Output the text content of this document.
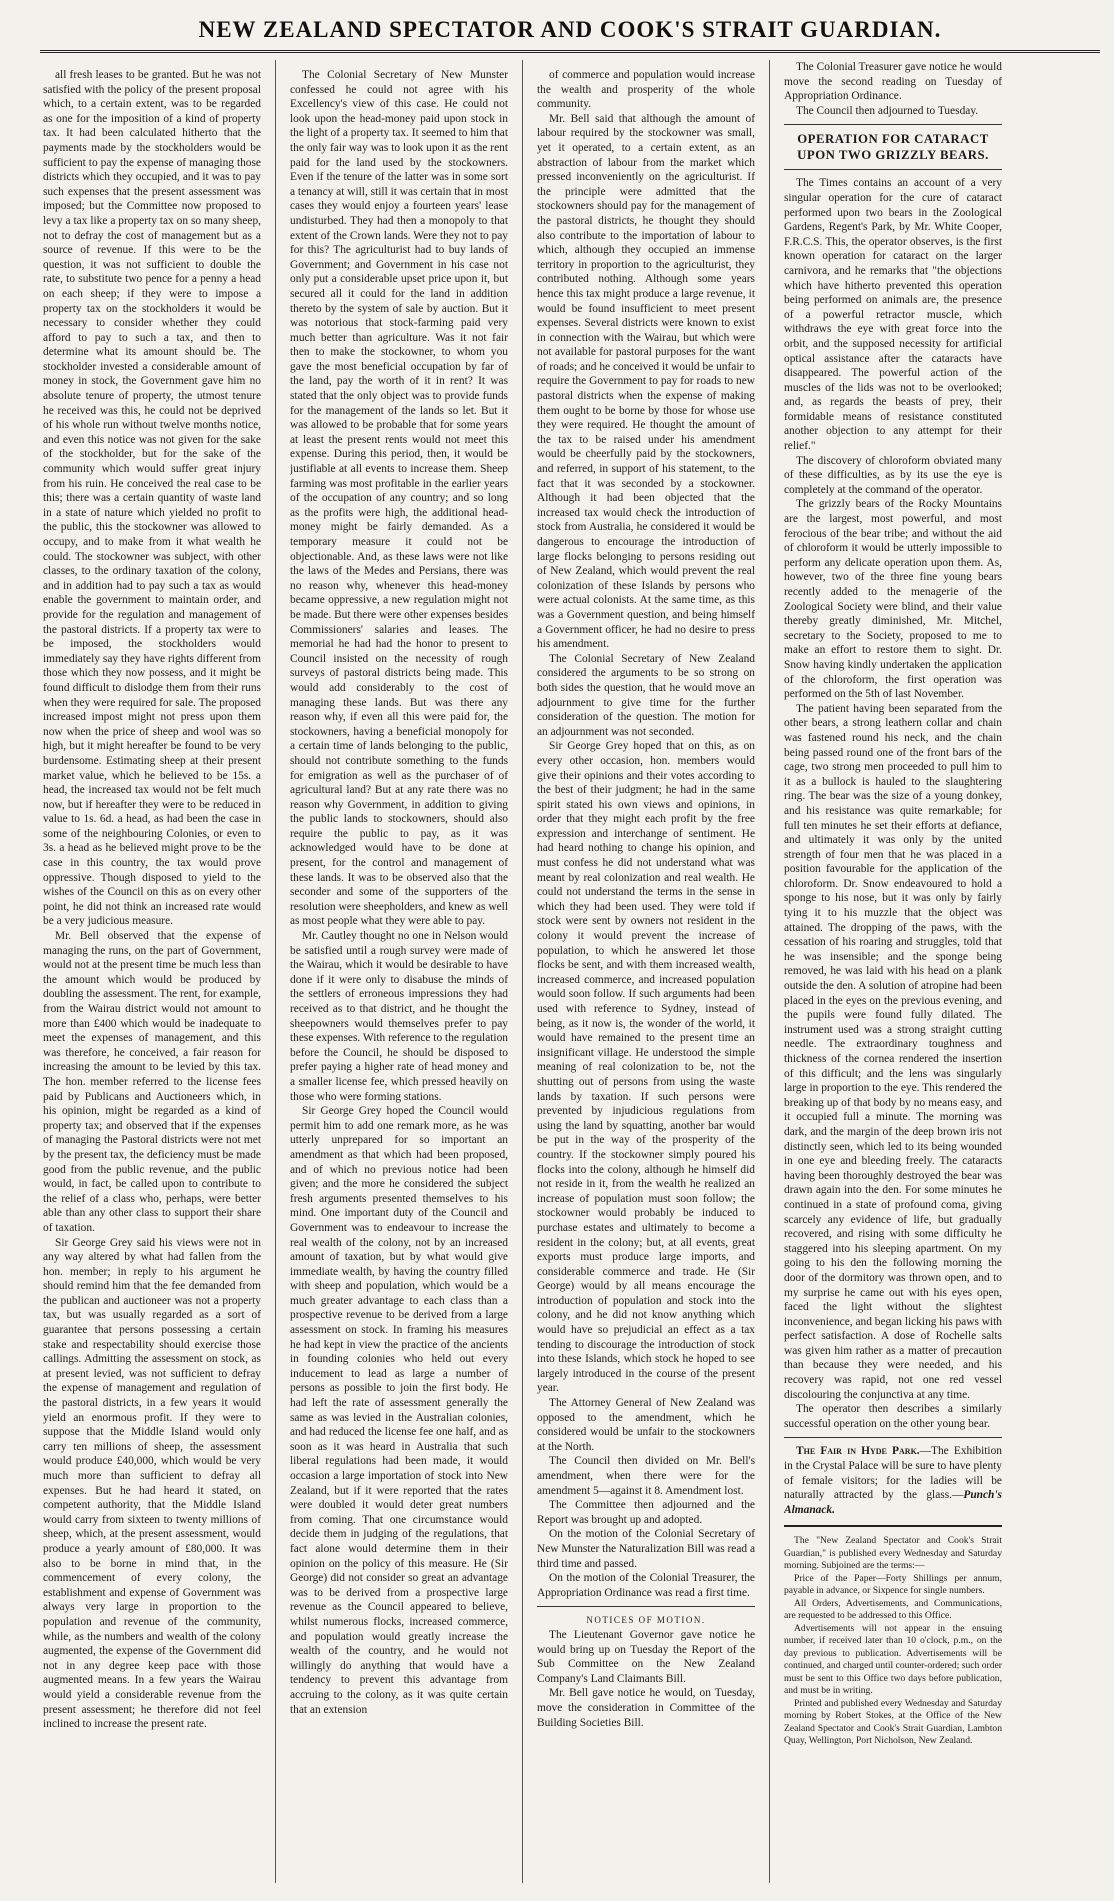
NEW ZEALAND SPECTATOR AND COOK'S STRAIT GUARDIAN.

all fresh leases to be granted. But he was not satisfied with the policy of the present proposal which, to a certain extent, was to be regarded as one for the imposition of a kind of property tax. It had been calculated hitherto that the payments made by the stockholders would be sufficient to pay the expense of managing those districts which they occupied, and it was to pay such expenses that the present assessment was imposed; but the Committee now proposed to levy a tax like a property tax on so many sheep, not to defray the cost of management but as a source of revenue. If this were to be the question, it was not sufficient to double the rate, to substitute two pence for a penny a head on each sheep; if they were to impose a property tax on the stockholders it would be necessary to consider whether they could afford to pay to such a tax, and then to determine what its amount should be. The stockholder invested a considerable amount of money in stock, the Government gave him no absolute tenure of property, the utmost tenure he received was this, he could not be deprived of his whole run without twelve months notice, and even this notice was not given for the sake of the stockholder, but for the sake of the community which would suffer great injury from his ruin. He conceived the real case to be this; there was a certain quantity of waste land in a state of nature which yielded no profit to the public, this the stockowner was allowed to occupy, and to make from it what wealth he could. The stockowner was subject, with other classes, to the ordinary taxation of the colony, and in addition had to pay such a tax as would enable the government to maintain order, and provide for the regulation and management of the pastoral districts. If a property tax were to be imposed, the stockholders would immediately say they have rights different from those which they now possess, and it might be found difficult to dislodge them from their runs when they were required for sale. The proposed increased impost might not press upon them now when the price of sheep and wool was so high, but it might hereafter be found to be very burdensome. Estimating sheep at their present market value, which he believed to be 15s. a head, the increased tax would not be felt much now, but if hereafter they were to be reduced in value to 1s. 6d. a head, as had been the case in some of the neighbouring Colonies, or even to 3s. a head as he believed might prove to be the case in this country, the tax would prove oppressive. Though disposed to yield to the wishes of the Council on this as on every other point, he did not think an increased rate would be a very judicious measure.

Mr. Bell observed that the expense of managing the runs, on the part of Government, would not at the present time be much less than the amount which would be produced by doubling the assessment. The rent, for example, from the Wairau district would not amount to more than £400 which would be inadequate to meet the expenses of management, and this was therefore, he conceived, a fair reason for increasing the amount to be levied by this tax. The hon. member referred to the license fees paid by Publicans and Auctioneers which, in his opinion, might be regarded as a kind of property tax; and observed that if the expenses of managing the Pastoral districts were not met by the present tax, the deficiency must be made good from the public revenue, and the public would, in fact, be called upon to contribute to the relief of a class who, perhaps, were better able than any other class to support their share of taxation.

Sir George Grey said his views were not in any way altered by what had fallen from the hon. member; in reply to his argument he should remind him that the fee demanded from the publican and auctioneer was not a property tax, but was usually regarded as a sort of guarantee that persons possessing a certain stake and respectability should exercise those callings. Admitting the assessment on stock, as at present levied, was not sufficient to defray the expense of management and regulation of the pastoral districts, in a few years it would yield an enormous profit. If they were to suppose that the Middle Island would only carry ten millions of sheep, the assessment would produce £40,000, which would be very much more than sufficient to defray all expenses. But he had heard it stated, on competent authority, that the Middle Island would carry from sixteen to twenty millions of sheep, which, at the present assessment, would produce a yearly amount of £80,000. It was also to be borne in mind that, in the commencement of every colony, the establishment and expense of Government was always very large in proportion to the population and revenue of the community, while, as the numbers and wealth of the colony augmented, the expense of the Government did not in any degree keep pace with those augmented means. In a few years the Wairau would yield a considerable revenue from the present assessment; he therefore did not feel inclined to increase the present rate.

The Colonial Secretary of New Munster confessed he could not agree with his Excellency's view of this case. He could not look upon the head-money paid upon stock in the light of a property tax. It seemed to him that the only fair way was to look upon it as the rent paid for the land used by the stockowners. Even if the tenure of the latter was in some sort a tenancy at will, still it was certain that in most cases they would enjoy a fourteen years' lease undisturbed. They had then a monopoly to that extent of the Crown lands. Were they not to pay for this? The agriculturist had to buy lands of Government; and Government in his case not only put a considerable upset price upon it, but secured all it could for the land in addition thereto by the system of sale by auction. But it was notorious that stock-farming paid very much better than agriculture. Was it not fair then to make the stockowner, to whom you gave the most beneficial occupation by far of the land, pay the worth of it in rent? It was stated that the only object was to provide funds for the management of the lands so let. But it was allowed to be probable that for some years at least the present rents would not meet this expense. During this period, then, it would be justifiable at all events to increase them. Sheep farming was most profitable in the earlier years of the occupation of any country; and so long as the profits were high, the additional head-money might be fairly demanded. As a temporary measure it could not be objectionable. And, as these laws were not like the laws of the Medes and Persians, there was no reason why, whenever this head-money became oppressive, a new regulation might not be made. But there were other expenses besides Commissioners' salaries and leases. The memorial he had had the honor to present to Council insisted on the necessity of rough surveys of pastoral districts being made. This would add considerably to the cost of managing these lands. But was there any reason why, if even all this were paid for, the stockowners, having a beneficial monopoly for a certain time of lands belonging to the public, should not contribute something to the funds for emigration as well as the purchaser of of agricultural land? But at any rate there was no reason why Government, in addition to giving the public lands to stockowners, should also require the public to pay, as it was acknowledged would have to be done at present, for the control and management of these lands. It was to be observed also that the seconder and some of the supporters of the resolution were sheepholders, and knew as well as most people what they were able to pay.

Mr. Cautley thought no one in Nelson would be satisfied until a rough survey were made of the Wairau, which it would be desirable to have done if it were only to disabuse the minds of the settlers of erroneous impressions they had received as to that district, and he thought the sheepowners would themselves prefer to pay these expenses. With reference to the regulation before the Council, he should be disposed to prefer paying a higher rate of head money and a smaller license fee, which pressed heavily on those who were forming stations.

Sir George Grey hoped the Council would permit him to add one remark more, as he was utterly unprepared for so important an amendment as that which had been proposed, and of which no previous notice had been given; and the more he considered the subject fresh arguments presented themselves to his mind. One important duty of the Council and Government was to endeavour to increase the real wealth of the colony, not by an increased amount of taxation, but by what would give immediate wealth, by having the country filled with sheep and population, which would be a much greater advantage to each class than a prospective revenue to be derived from a large assessment on stock. In framing his measures he had kept in view the practice of the ancients in founding colonies who held out every inducement to lead as large a number of persons as possible to join the first body. He had left the rate of assessment generally the same as was levied in the Australian colonies, and had reduced the license fee one half, and as soon as it was heard in Australia that such liberal regulations had been made, it would occasion a large importation of stock into New Zealand, but if it were reported that the rates were doubled it would deter great numbers from coming. That one circumstance would decide them in judging of the regulations, that fact alone would determine them in their opinion on the policy of this measure. He (Sir George) did not consider so great an advantage was to be derived from a prospective large revenue as the Council appeared to believe, whilst numerous flocks, increased commerce, and population would greatly increase the wealth of the country, and he would not willingly do anything that would have a tendency to prevent this advantage from accruing to the colony, as it was quite certain that an extension

of commerce and population would increase the wealth and prosperity of the whole community.

Mr. Bell said that although the amount of labour required by the stockowner was small, yet it operated, to a certain extent, as an abstraction of labour from the market which pressed inconveniently on the agriculturist. If the principle were admitted that the stockowners should pay for the management of the pastoral districts, he thought they should also contribute to the importation of labour to which, although they occupied an immense territory in proportion to the agriculturist, they contributed nothing. Although some years hence this tax might produce a large revenue, it would be found insufficient to meet present expenses. Several districts were known to exist in connection with the Wairau, but which were not available for pastoral purposes for the want of roads; and he conceived it would be unfair to require the Government to pay for roads to new pastoral districts when the expense of making them ought to be borne by those for whose use they were required. He thought the amount of the tax to be raised under his amendment would be cheerfully paid by the stockowners, and referred, in support of his statement, to the fact that it was seconded by a stockowner. Although it had been objected that the increased tax would check the introduction of stock from Australia, he considered it would be dangerous to encourage the introduction of large flocks belonging to persons residing out of New Zealand, which would prevent the real colonization of these Islands by persons who were actual colonists. At the same time, as this was a Government question, and being himself a Government officer, he had no desire to press his amendment.

The Colonial Secretary of New Zealand considered the arguments to be so strong on both sides the question, that he would move an adjournment to give time for the further consideration of the question. The motion for an adjournment was not seconded.

Sir George Grey hoped that on this, as on every other occasion, hon. members would give their opinions and their votes according to the best of their judgment; he had in the same spirit stated his own views and opinions, in order that they might each profit by the free expression and interchange of sentiment. He had heard nothing to change his opinion, and must confess he did not understand what was meant by real colonization and real wealth. He could not understand the terms in the sense in which they had been used. They were told if stock were sent by owners not resident in the colony it would prevent the increase of population, to which he answered let those flocks be sent, and with them increased wealth, increased commerce, and increased population would soon follow. If such arguments had been used with reference to Sydney, instead of being, as it now is, the wonder of the world, it would have remained to the present time an insignificant village. He understood the simple meaning of real colonization to be, not the shutting out of persons from using the waste lands by taxation. If such persons were prevented by injudicious regulations from using the land by squatting, another bar would be put in the way of the prosperity of the country. If the stockowner simply poured his flocks into the colony, although he himself did not reside in it, from the wealth he realized an increase of population must soon follow; the stockowner would probably be induced to purchase estates and ultimately to become a resident in the colony; but, at all events, great exports must produce large imports, and considerable commerce and trade. He (Sir George) would by all means encourage the introduction of population and stock into the colony, and he did not know anything which would have so prejudicial an effect as a tax tending to discourage the introduction of stock into these Islands, which stock he hoped to see largely introduced in the course of the present year.

The Attorney General of New Zealand was opposed to the amendment, which he considered would be unfair to the stockowners at the North.

The Council then divided on Mr. Bell's amendment, when there were for the amendment 5—against it 8. Amendment lost.

The Committee then adjourned and the Report was brought up and adopted.

On the motion of the Colonial Secretary of New Munster the Naturalization Bill was read a third time and passed.

On the motion of the Colonial Treasurer, the Appropriation Ordinance was read a first time.

NOTICES OF MOTION.

The Lieutenant Governor gave notice he would bring up on Tuesday the Report of the Sub Committee on the New Zealand Company's Land Claimants Bill.

Mr. Bell gave notice he would, on Tuesday, move the consideration in Committee of the Building Societies Bill.

The Colonial Treasurer gave notice he would move the second reading on Tuesday of Appropriation Ordinance.

The Council then adjourned to Tuesday.

OPERATION FOR CATARACT UPON TWO GRIZZLY BEARS.

The Times contains an account of a very singular operation for the cure of cataract performed upon two bears in the Zoological Gardens, Regent's Park, by Mr. White Cooper, F.R.C.S. This, the operator observes, is the first known operation for cataract on the larger carnivora, and he remarks that "the objections which have hitherto prevented this operation being performed on animals are, the presence of a powerful retractor muscle, which withdraws the eye with great force into the orbit, and the supposed necessity for artificial optical assistance after the cataracts have disappeared. The powerful action of the muscles of the lids was not to be overlooked; and, as regards the beasts of prey, their formidable means of resistance constituted another objection to any attempt for their relief."

The discovery of chloroform obviated many of these difficulties, as by its use the eye is completely at the command of the operator.

The grizzly bears of the Rocky Mountains are the largest, most powerful, and most ferocious of the bear tribe; and without the aid of chloroform it would be utterly impossible to perform any delicate operation upon them. As, however, two of the three fine young bears recently added to the menagerie of the Zoological Society were blind, and their value thereby greatly diminished, Mr. Mitchel, secretary to the Society, proposed to me to make an effort to restore them to sight. Dr. Snow having kindly undertaken the application of the chloroform, the first operation was performed on the 5th of last November.

The patient having been separated from the other bears, a strong leathern collar and chain was fastened round his neck, and the chain being passed round one of the front bars of the cage, two strong men proceeded to pull him to it as a bullock is hauled to the slaughtering ring. The bear was the size of a young donkey, and his resistance was quite remarkable; for full ten minutes he set their efforts at defiance, and ultimately it was only by the united strength of four men that he was placed in a position favourable for the application of the chloroform. Dr. Snow endeavoured to hold a sponge to his nose, but it was only by fairly tying it to his muzzle that the object was attained. The dropping of the paws, with the cessation of his roaring and struggles, told that he was insensible; and the sponge being removed, he was laid with his head on a plank outside the den. A solution of atropine had been placed in the eyes on the previous evening, and the pupils were found fully dilated. The instrument used was a strong straight cutting needle. The extraordinary toughness and thickness of the cornea rendered the insertion of this difficult; and the lens was singularly large in proportion to the eye. This rendered the breaking up of that body by no means easy, and it occupied full a minute. The morning was dark, and the margin of the deep brown iris not distinctly seen, which led to its being wounded in one eye and bleeding freely. The cataracts having been thoroughly destroyed the bear was drawn again into the den. For some minutes he continued in a state of profound coma, giving scarcely any evidence of life, but gradually recovered, and rising with some difficulty he staggered into his sleeping apartment. On my going to his den the following morning the door of the dormitory was thrown open, and to my surprise he came out with his eyes open, faced the light without the slightest inconvenience, and began licking his paws with perfect satisfaction. A dose of Rochelle salts was given him rather as a matter of precaution than because they were needed, and his recovery was rapid, not one red vessel discolouring the conjunctiva at any time.

The operator then describes a similarly successful operation on the other young bear.

The Fair in Hyde Park.—The Exhibition in the Crystal Palace will be sure to have plenty of female visitors; for the ladies will be naturally attracted by the glass.—Punch's Almanack.

The "New Zealand Spectator and Cook's Strait Guardian," is published every Wednesday and Saturday morning. Subjoined are the terms:—

Price of the Paper—Forty Shillings per annum, payable in advance, or Sixpence for single numbers.

All Orders, Advertisements, and Communications, are requested to be addressed to this Office.

Advertisements will not appear in the ensuing number, if received later than 10 o'clock, p.m., on the day previous to publication. Advertisements will be continued, and charged until counter-ordered; such order must be sent to this Office two days before publication, and must be in writing.

Printed and published every Wednesday and Saturday morning by Robert Stokes, at the Office of the New Zealand Spectator and Cook's Strait Guardian, Lambton Quay, Wellington, Port Nicholson, New Zealand.
